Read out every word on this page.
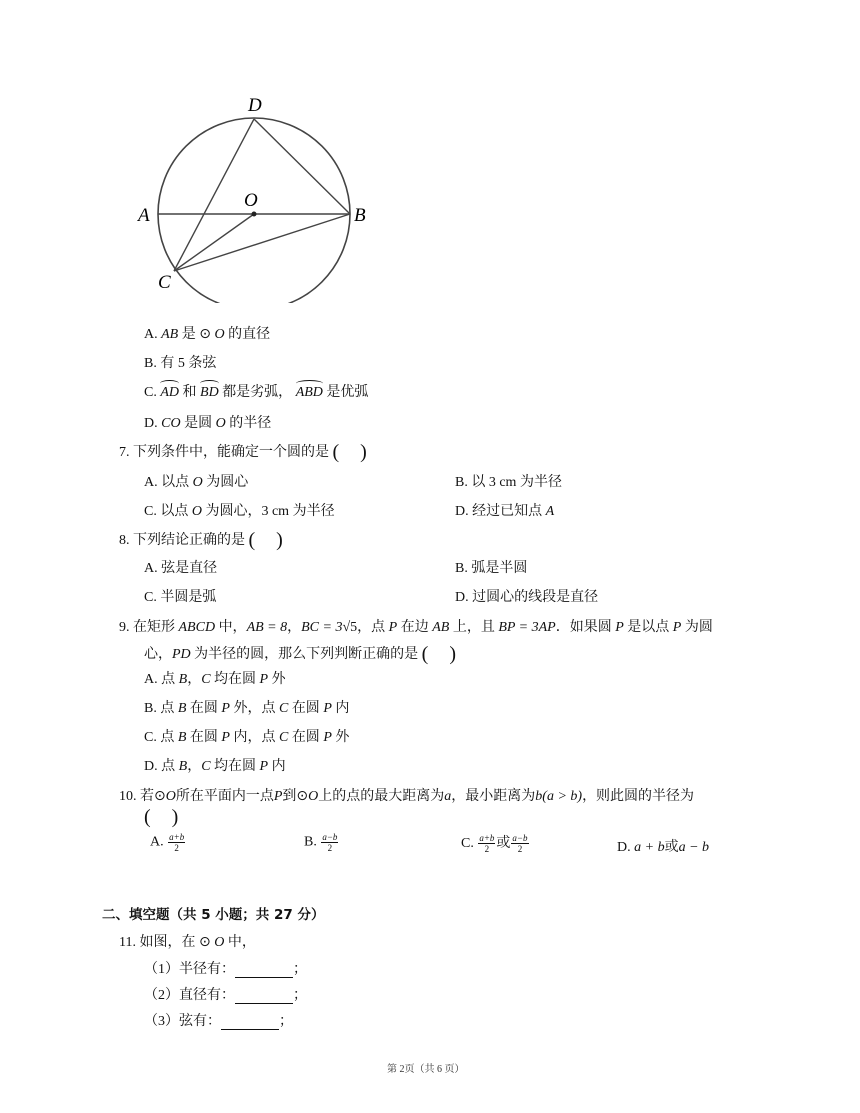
D
O
A	B
C
A. AB 是 ⊙ O 的直径
B. 有 5 条弦
C. AD 和 BD 都是劣弧， ABD 是优弧
D. CO 是圆 O 的半径
7. 下列条件中，能确定一个圆的是 ( )
A. 以点 O 为圆心	B. 以 3 cm 为半径
C. 以点 O 为圆心，3 cm 为半径	D. 经过已知点 A
8. 下列结论正确的是 ( )
A. 弦是直径	B. 弧是半圆
C. 半圆是弧	D. 过圆心的线段是直径
9. 在矩形 ABCD 中，AB = 8，BC = 3√5，点 P 在边 AB 上，且 BP = 3AP．如果圆 P 是以点 P 为圆
心，PD 为半径的圆，那么下列判断正确的是 ( )
A. 点 B，C 均在圆 P 外
B. 点 B 在圆 P 外，点 C 在圆 P 内
C. 点 B 在圆 P 内，点 C 在圆 P 外
D. 点 B，C 均在圆 P 内
10. 若⊙O所在平面内一点P到⊙O上的点的最大距离为a，最小距离为b(a > b)，则此圆的半径为
( )
A. $\frac{a+b}{2}$	B. $\frac{a-b}{2}$	C. $\frac{a+b}{2}$ 或 $\frac{a-b}{2}$	D. a + b或a − b
二、填空题（共 5 小题；共 27 分）
11. 如图，在 ⊙ O 中，
（1）半径有：	；
（2）直径有：	；
（3）弦有：	；
第 2页（共 6 页）
